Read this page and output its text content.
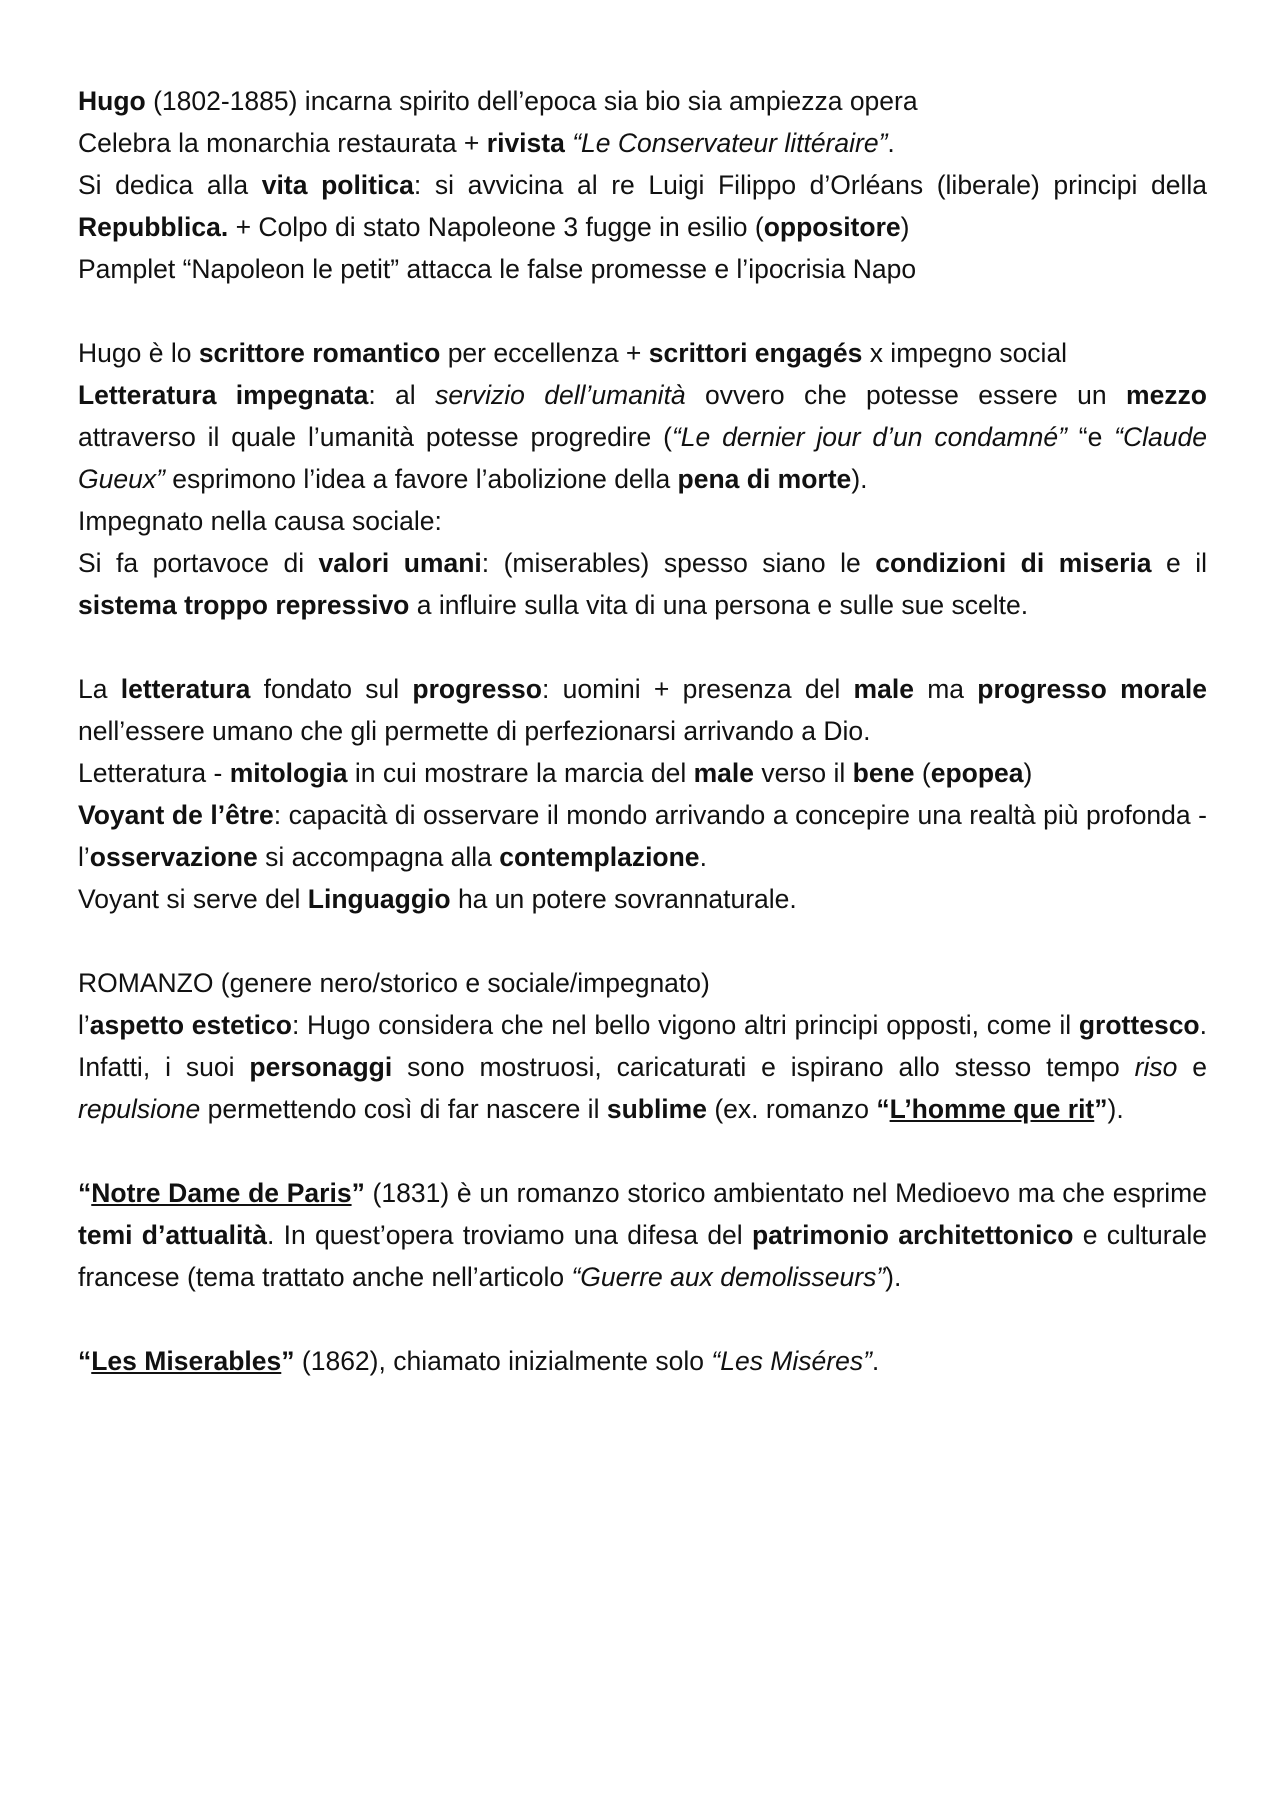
Hugo (1802-1885) incarna spirito dell’epoca sia bio sia ampiezza opera

Celebra la monarchia restaurata + rivista “Le Conservateur littéraire”.

Si dedica alla vita politica: si avvicina al re Luigi Filippo d’Orléans (liberale) principi della Repubblica. + Colpo di stato Napoleone 3 fugge in esilio (oppositore)

Pamplet “Napoleon le petit” attacca le false promesse e l’ipocrisia Napo

Hugo è lo scrittore romantico per eccellenza + scrittori engagés x impegno social

Letteratura impegnata: al servizio dell’umanità ovvero che potesse essere un mezzo attraverso il quale l’umanità potesse progredire (“Le dernier jour d’un condamné” “e “Claude Gueux” esprimono l’idea a favore l’abolizione della pena di morte).

Impegnato nella causa sociale:

Si fa portavoce di valori umani: (miserables) spesso siano le condizioni di miseria e il sistema troppo repressivo a influire sulla vita di una persona e sulle sue scelte.

La letteratura fondato sul progresso: uomini + presenza del male ma progresso morale nell’essere umano che gli permette di perfezionarsi arrivando a Dio.

Letteratura - mitologia in cui mostrare la marcia del male verso il bene (epopea)

Voyant de l’être: capacità di osservare il mondo arrivando a concepire una realtà più profonda - l’osservazione si accompagna alla contemplazione.

Voyant si serve del Linguaggio ha un potere sovrannaturale.

ROMANZO (genere nero/storico e sociale/impegnato)

l’aspetto estetico: Hugo considera che nel bello vigono altri principi opposti, come il grottesco. Infatti, i suoi personaggi sono mostruosi, caricaturati e ispirano allo stesso tempo riso e repulsione permettendo così di far nascere il sublime (ex. romanzo “L’homme que rit”).

“Notre Dame de Paris” (1831) è un romanzo storico ambientato nel Medioevo ma che esprime temi d’attualità. In quest’opera troviamo una difesa del patrimonio architettonico e culturale francese (tema trattato anche nell’articolo “Guerre aux demolisseurs”).

“Les Miserables” (1862), chiamato inizialmente solo “Les Miséres”.
